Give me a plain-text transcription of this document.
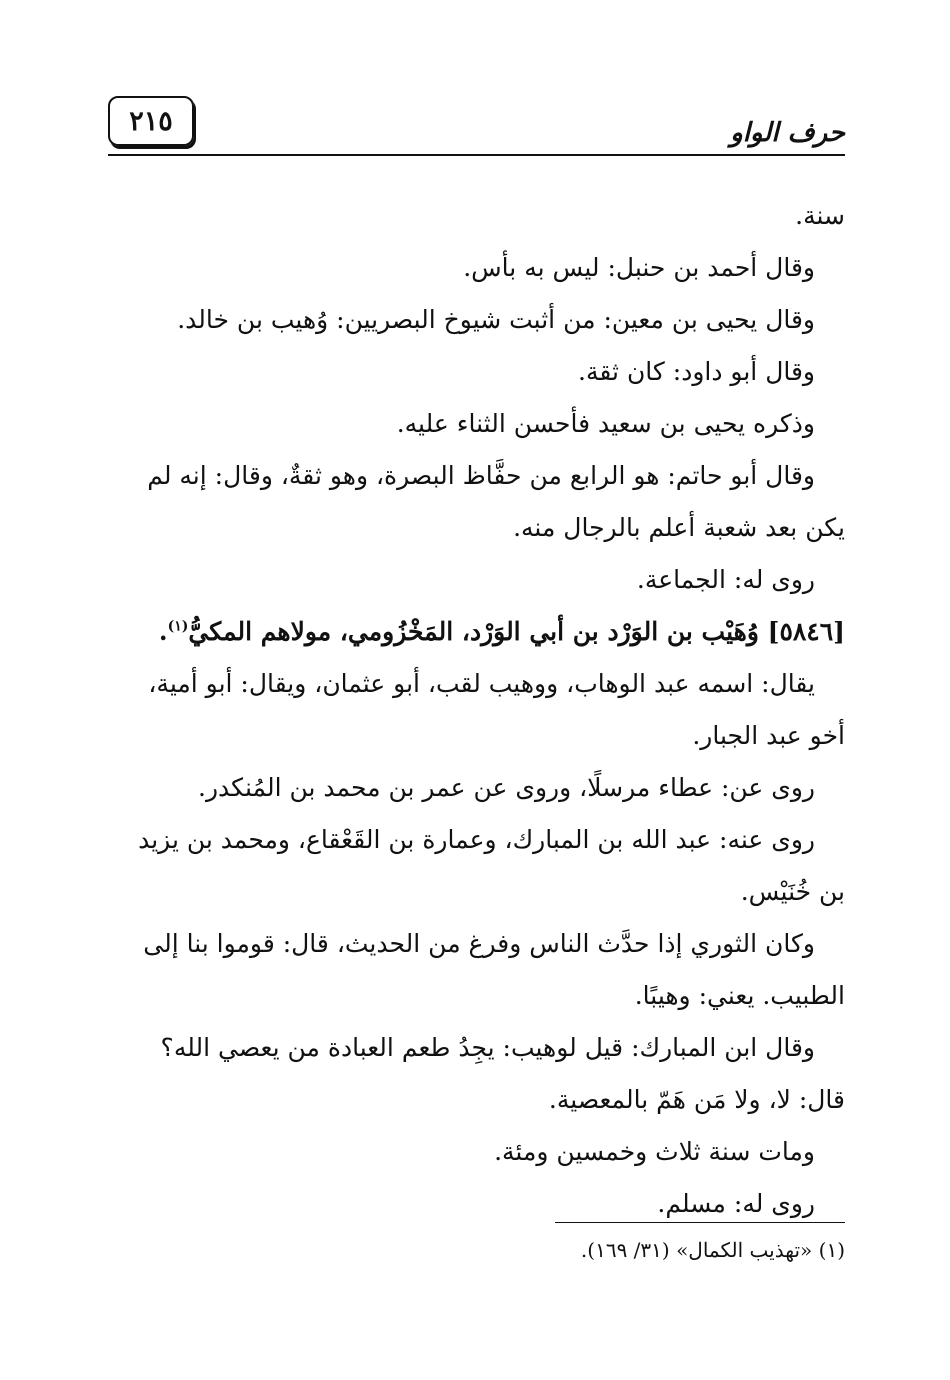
٢١٥	حرف الواو
سنة.
وقال أحمد بن حنبل: ليس به بأس.
وقال يحيى بن معين: من أثبت شيوخ البصريين: وُهيب بن خالد.
وقال أبو داود: كان ثقة.
وذكره يحيى بن سعيد فأحسن الثناء عليه.
وقال أبو حاتم: هو الرابع من حفَّاظ البصرة، وهو ثقةٌ، وقال: إنه لم
يكن بعد شعبة أعلم بالرجال منه.
روى له: الجماعة.
[٥٨٤٦] وُهَيْب بن الوَرْد بن أبي الوَرْد، المَخْزُومي، مولاهم المكيُّ$^{(١)}$.
يقال: اسمه عبد الوهاب، ووهيب لقب، أبو عثمان، ويقال: أبو أمية،
أخو عبد الجبار.
روى عن: عطاء مرسلًا، وروى عن عمر بن محمد بن المُنكدر.
روى عنه: عبد الله بن المبارك، وعمارة بن القَعْقاع، ومحمد بن يزيد
بن خُنَيْس.
وكان الثوري إذا حدَّث الناس وفرغ من الحديث، قال: قوموا بنا إلى
الطبيب. يعني: وهيبًا.
وقال ابن المبارك: قيل لوهيب: يجِدُ طعم العبادة من يعصي الله؟
قال: لا، ولا مَن هَمّ بالمعصية.
ومات سنة ثلاث وخمسين ومئة.
روى له: مسلم.
(١) «تهذيب الكمال» (٣١/ ١٦٩).
